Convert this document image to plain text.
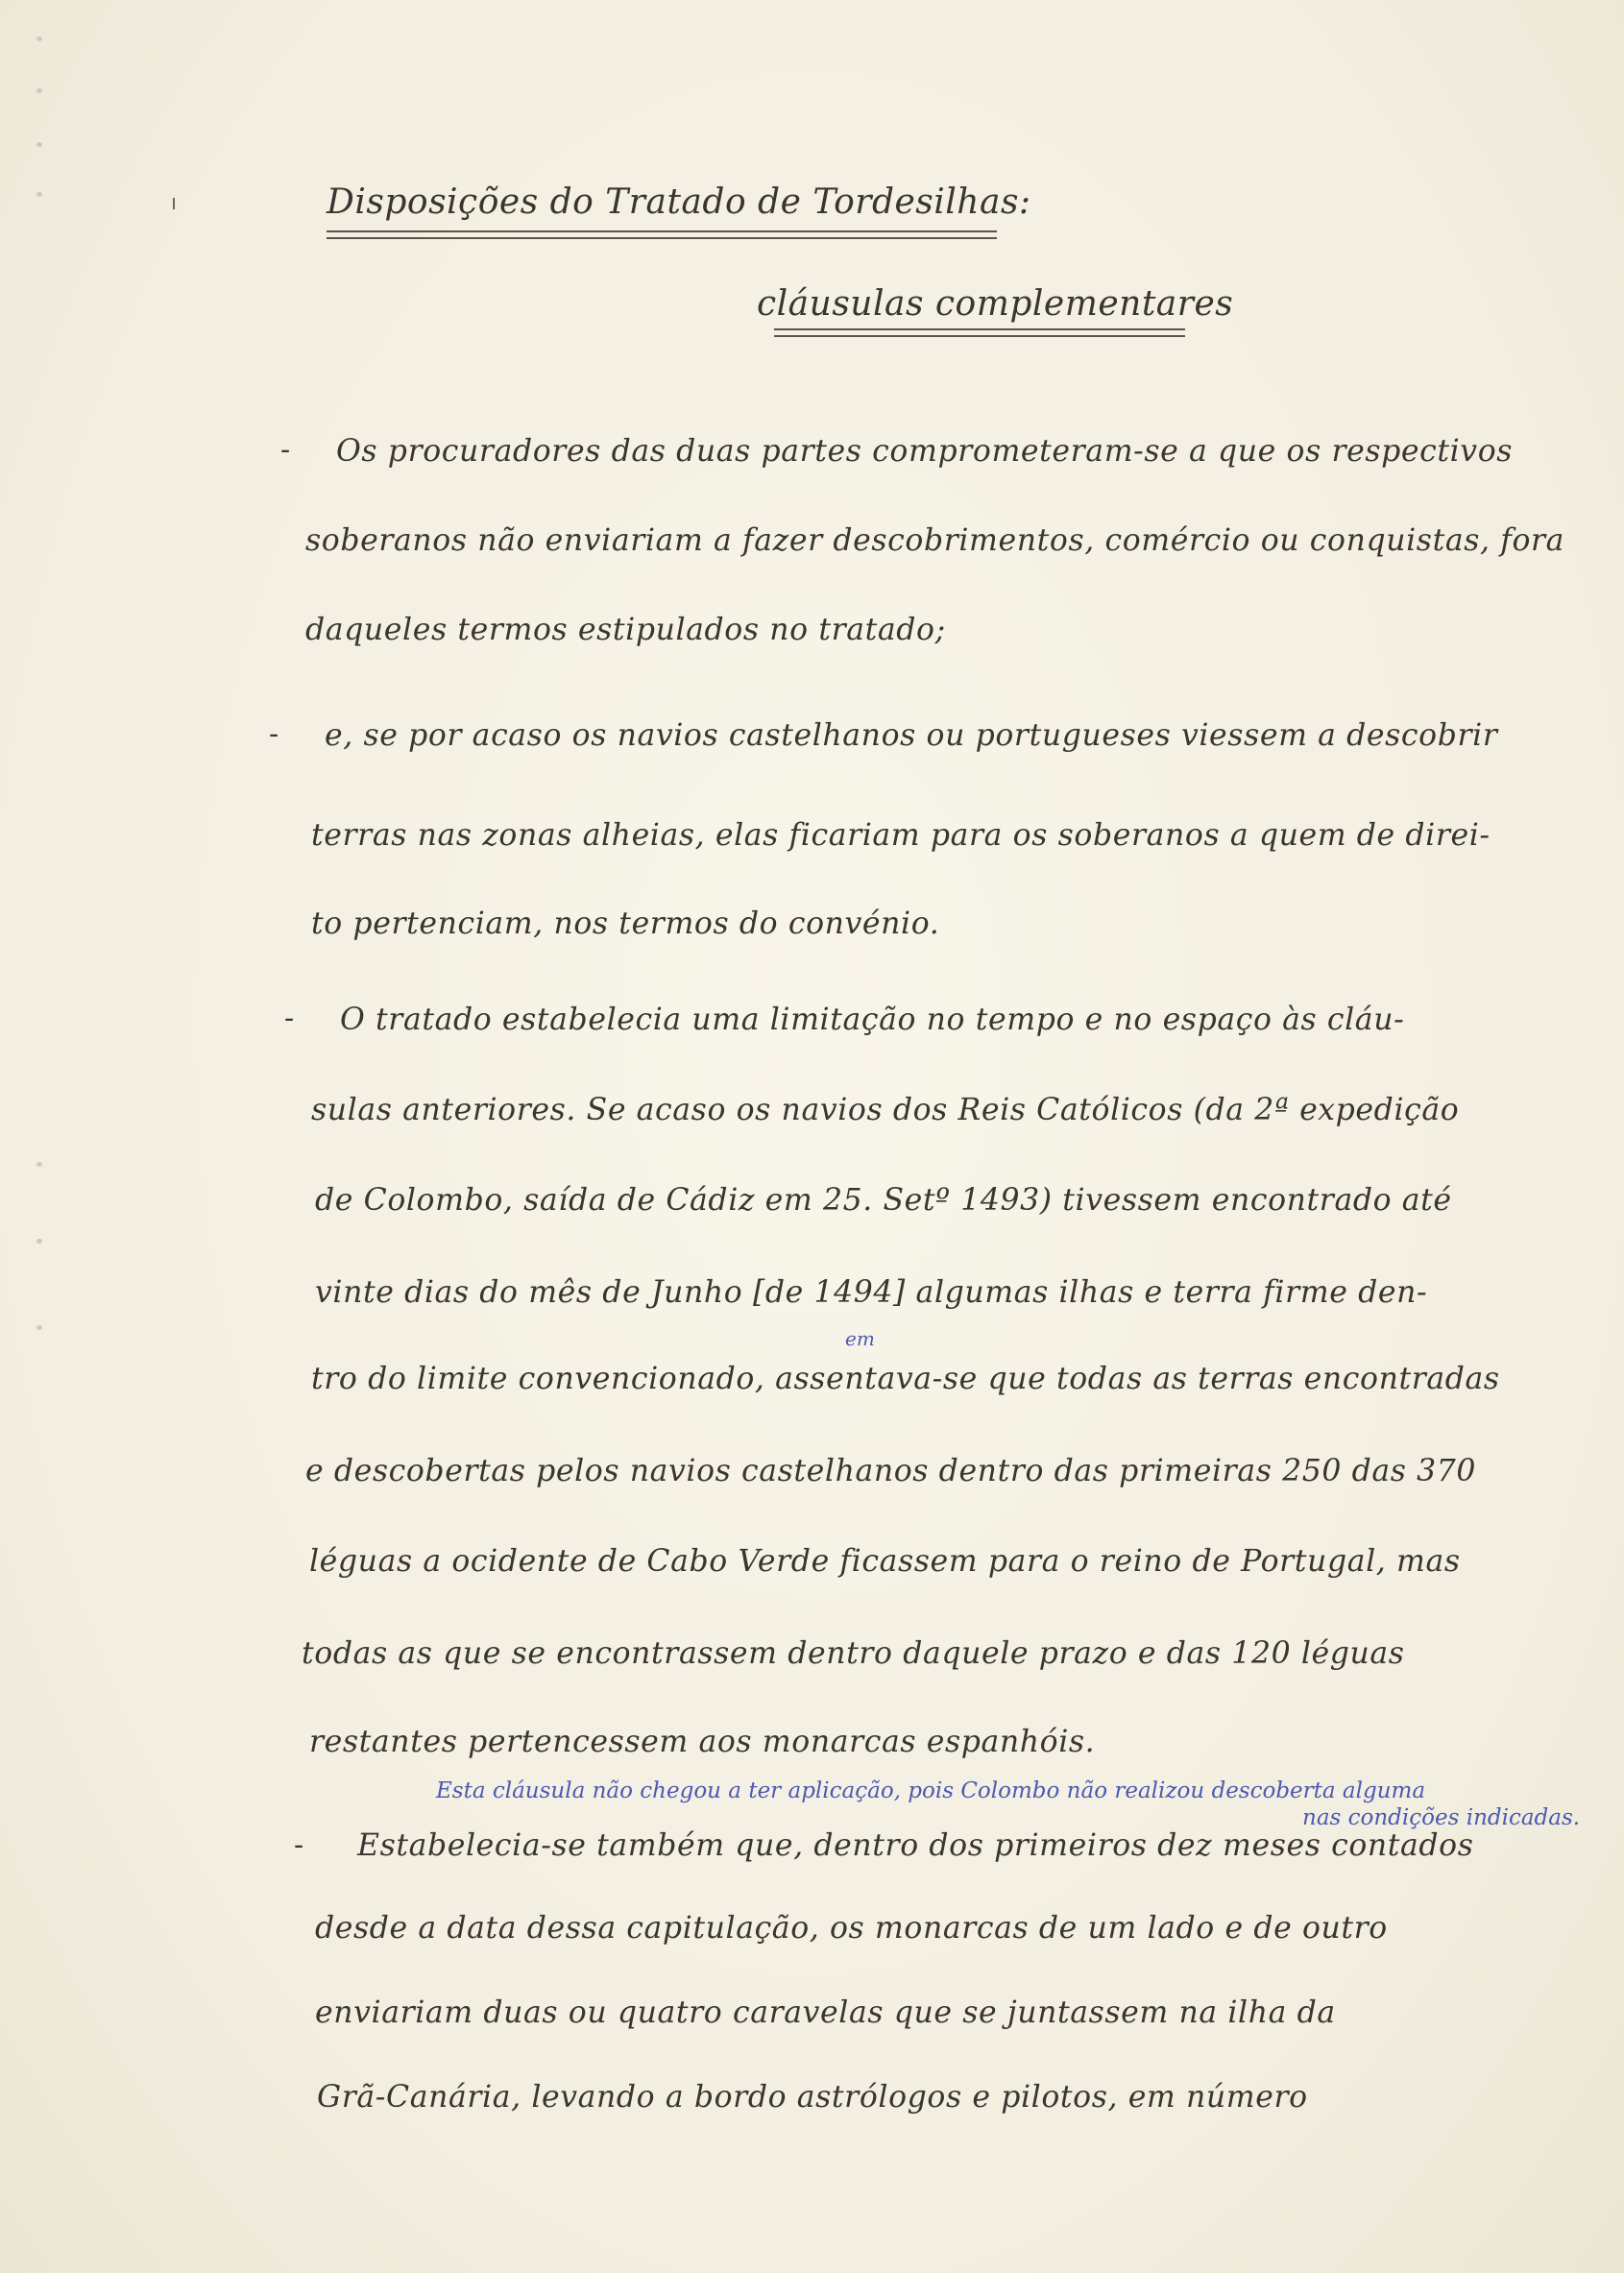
Disposições do Tratado de Tordesilhas:
cláusulas complementares
-
-
-
-
Os procuradores das duas partes comprometeram-se a que os respectivos
soberanos não enviariam a fazer descobrimentos, comércio ou conquistas, fora
daqueles termos estipulados no tratado;
e, se por acaso os navios castelhanos ou portugueses viessem a descobrir
terras nas zonas alheias, elas ficariam para os soberanos a quem de direi-
to pertenciam, nos termos do convénio.
O tratado estabelecia uma limitação no tempo e no espaço às cláu-
sulas anteriores. Se acaso os navios dos Reis Católicos (da 2ª expedição
de Colombo, saída de Cádiz em 25. Setº 1493) tivessem encontrado até
vinte dias do mês de Junho [de 1494] algumas ilhas e terra firme den-
em
tro do limite convencionado, assentava-se que todas as terras encontradas
e descobertas pelos navios castelhanos dentro das primeiras 250 das 370
léguas a ocidente de Cabo Verde ficassem para o reino de Portugal, mas
todas as que se encontrassem dentro daquele prazo e das 120 léguas
restantes pertencessem aos monarcas espanhóis.
Esta cláusula não chegou a ter aplicação, pois Colombo não realizou descoberta alguma
nas condições indicadas.
Estabelecia-se também que, dentro dos primeiros dez meses contados
desde a data dessa capitulação, os monarcas de um lado e de outro
enviariam duas ou quatro caravelas que se juntassem na ilha da
Grã-Canária, levando a bordo astrólogos e pilotos, em número
